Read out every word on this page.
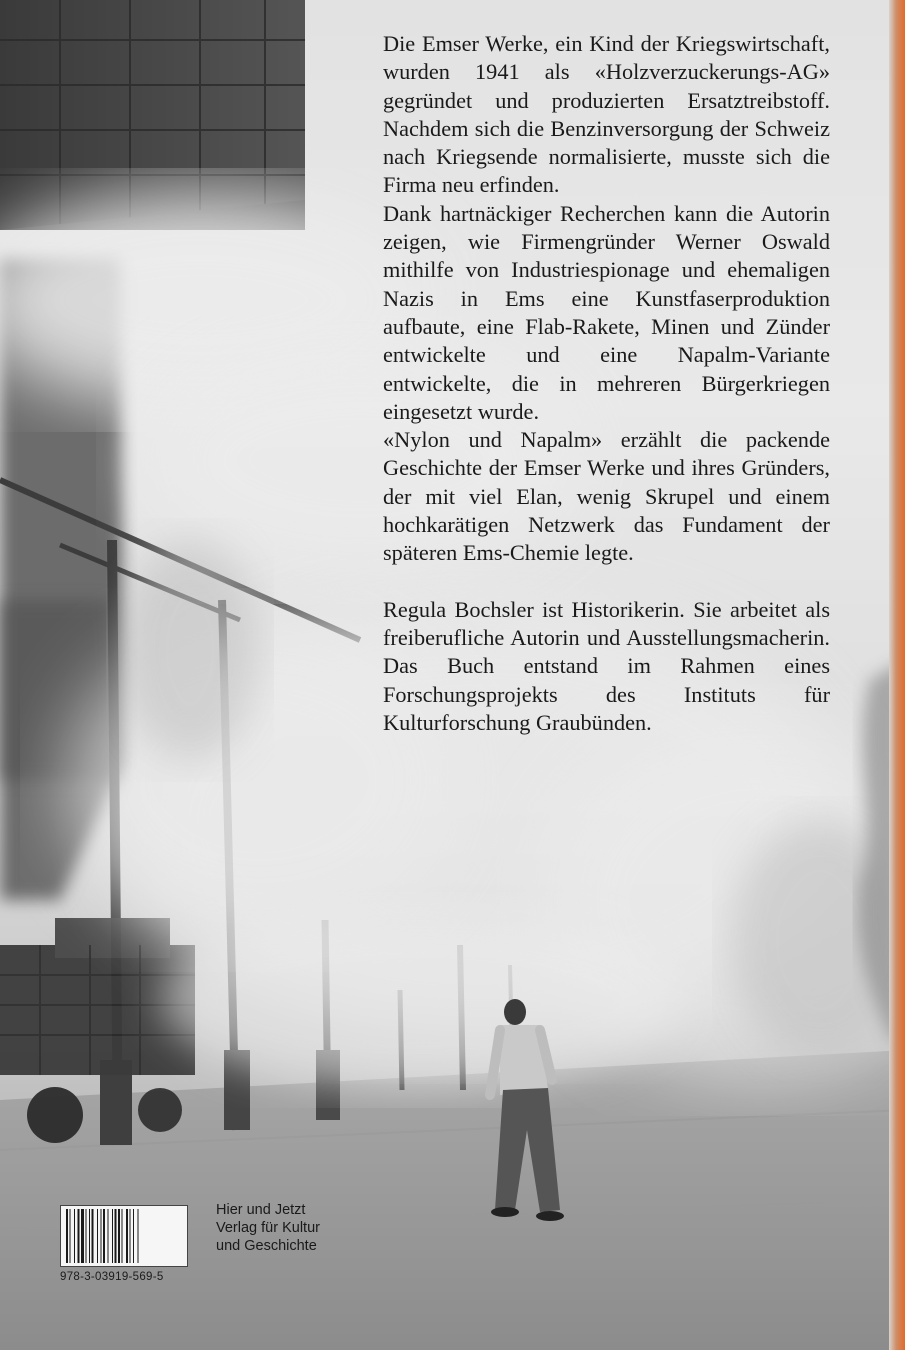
Die Emser Werke, ein Kind der Kriegswirtschaft, wurden 1941 als «Holzverzuckerungs-AG» gegründet und produzierten Ersatztreibstoff. Nachdem sich die Benzinversorgung der Schweiz nach Kriegsende normalisierte, musste sich die Firma neu erfinden.

Dank hartnäckiger Recherchen kann die Autorin zeigen, wie Firmengründer Werner Oswald mithilfe von Industriespionage und ehemaligen Nazis in Ems eine Kunstfaserproduktion aufbaute, eine Flab-Rakete, Minen und Zünder entwickelte und eine Napalm-Variante entwickelte, die in mehreren Bürgerkriegen eingesetzt wurde.

«Nylon und Napalm» erzählt die packende Geschichte der Emser Werke und ihres Gründers, der mit viel Elan, wenig Skrupel und einem hochkarätigen Netzwerk das Fundament der späteren Ems-Chemie legte.

Regula Bochsler ist Historikerin. Sie arbeitet als freiberufliche Autorin und Ausstellungsmacherin. Das Buch entstand im Rahmen eines Forschungsprojekts des Instituts für Kulturforschung Graubünden.

978-3-03919-569-5
Hier und Jetzt
Verlag für Kultur
und Geschichte
